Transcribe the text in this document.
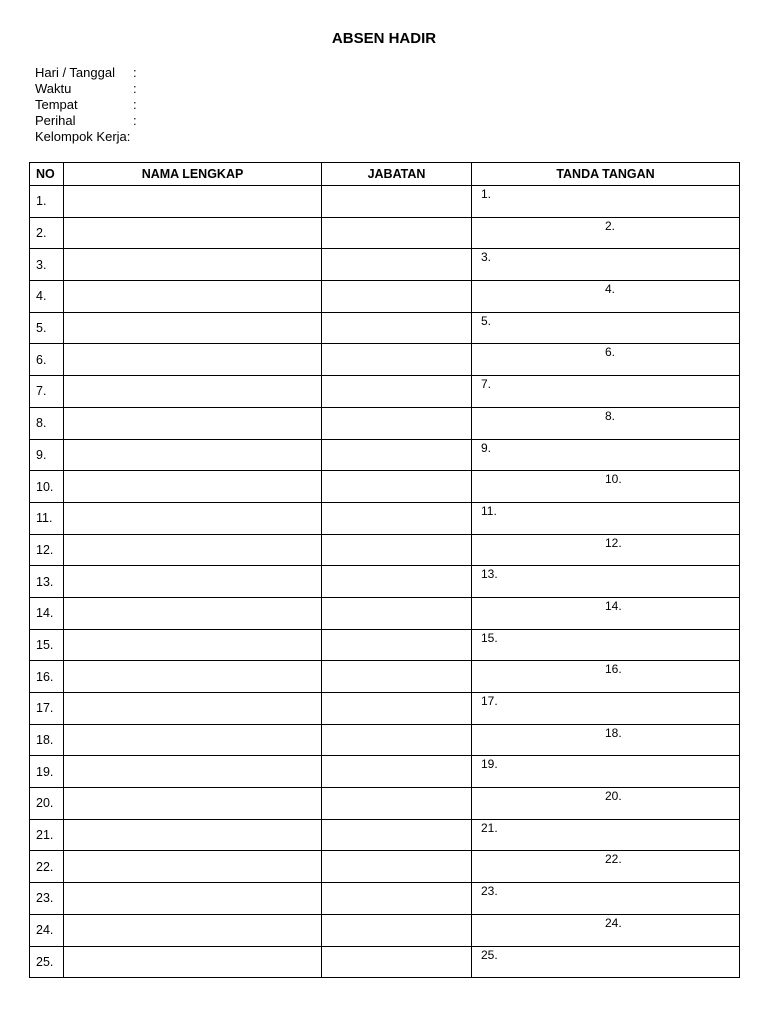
ABSEN HADIR
Hari / Tanggal	:
Waktu	:
Tempat	:
Perihal	:
Kelompok Kerja:
NO	NAMA LENGKAP	JABATAN	TANDA TANGAN
1.			1.

2.			2.

3.			3.

4.			4.

5.			5.

6.			6.

7.			7.

8.			8.

9.			9.

10.			10.

11.			11.

12.			12.

13.			13.

14.			14.

15.			15.

16.			16.

17.			17.

18.			18.

19.			19.

20.			20.

21.			21.

22.			22.

23.			23.

24.			24.

25.			25.
